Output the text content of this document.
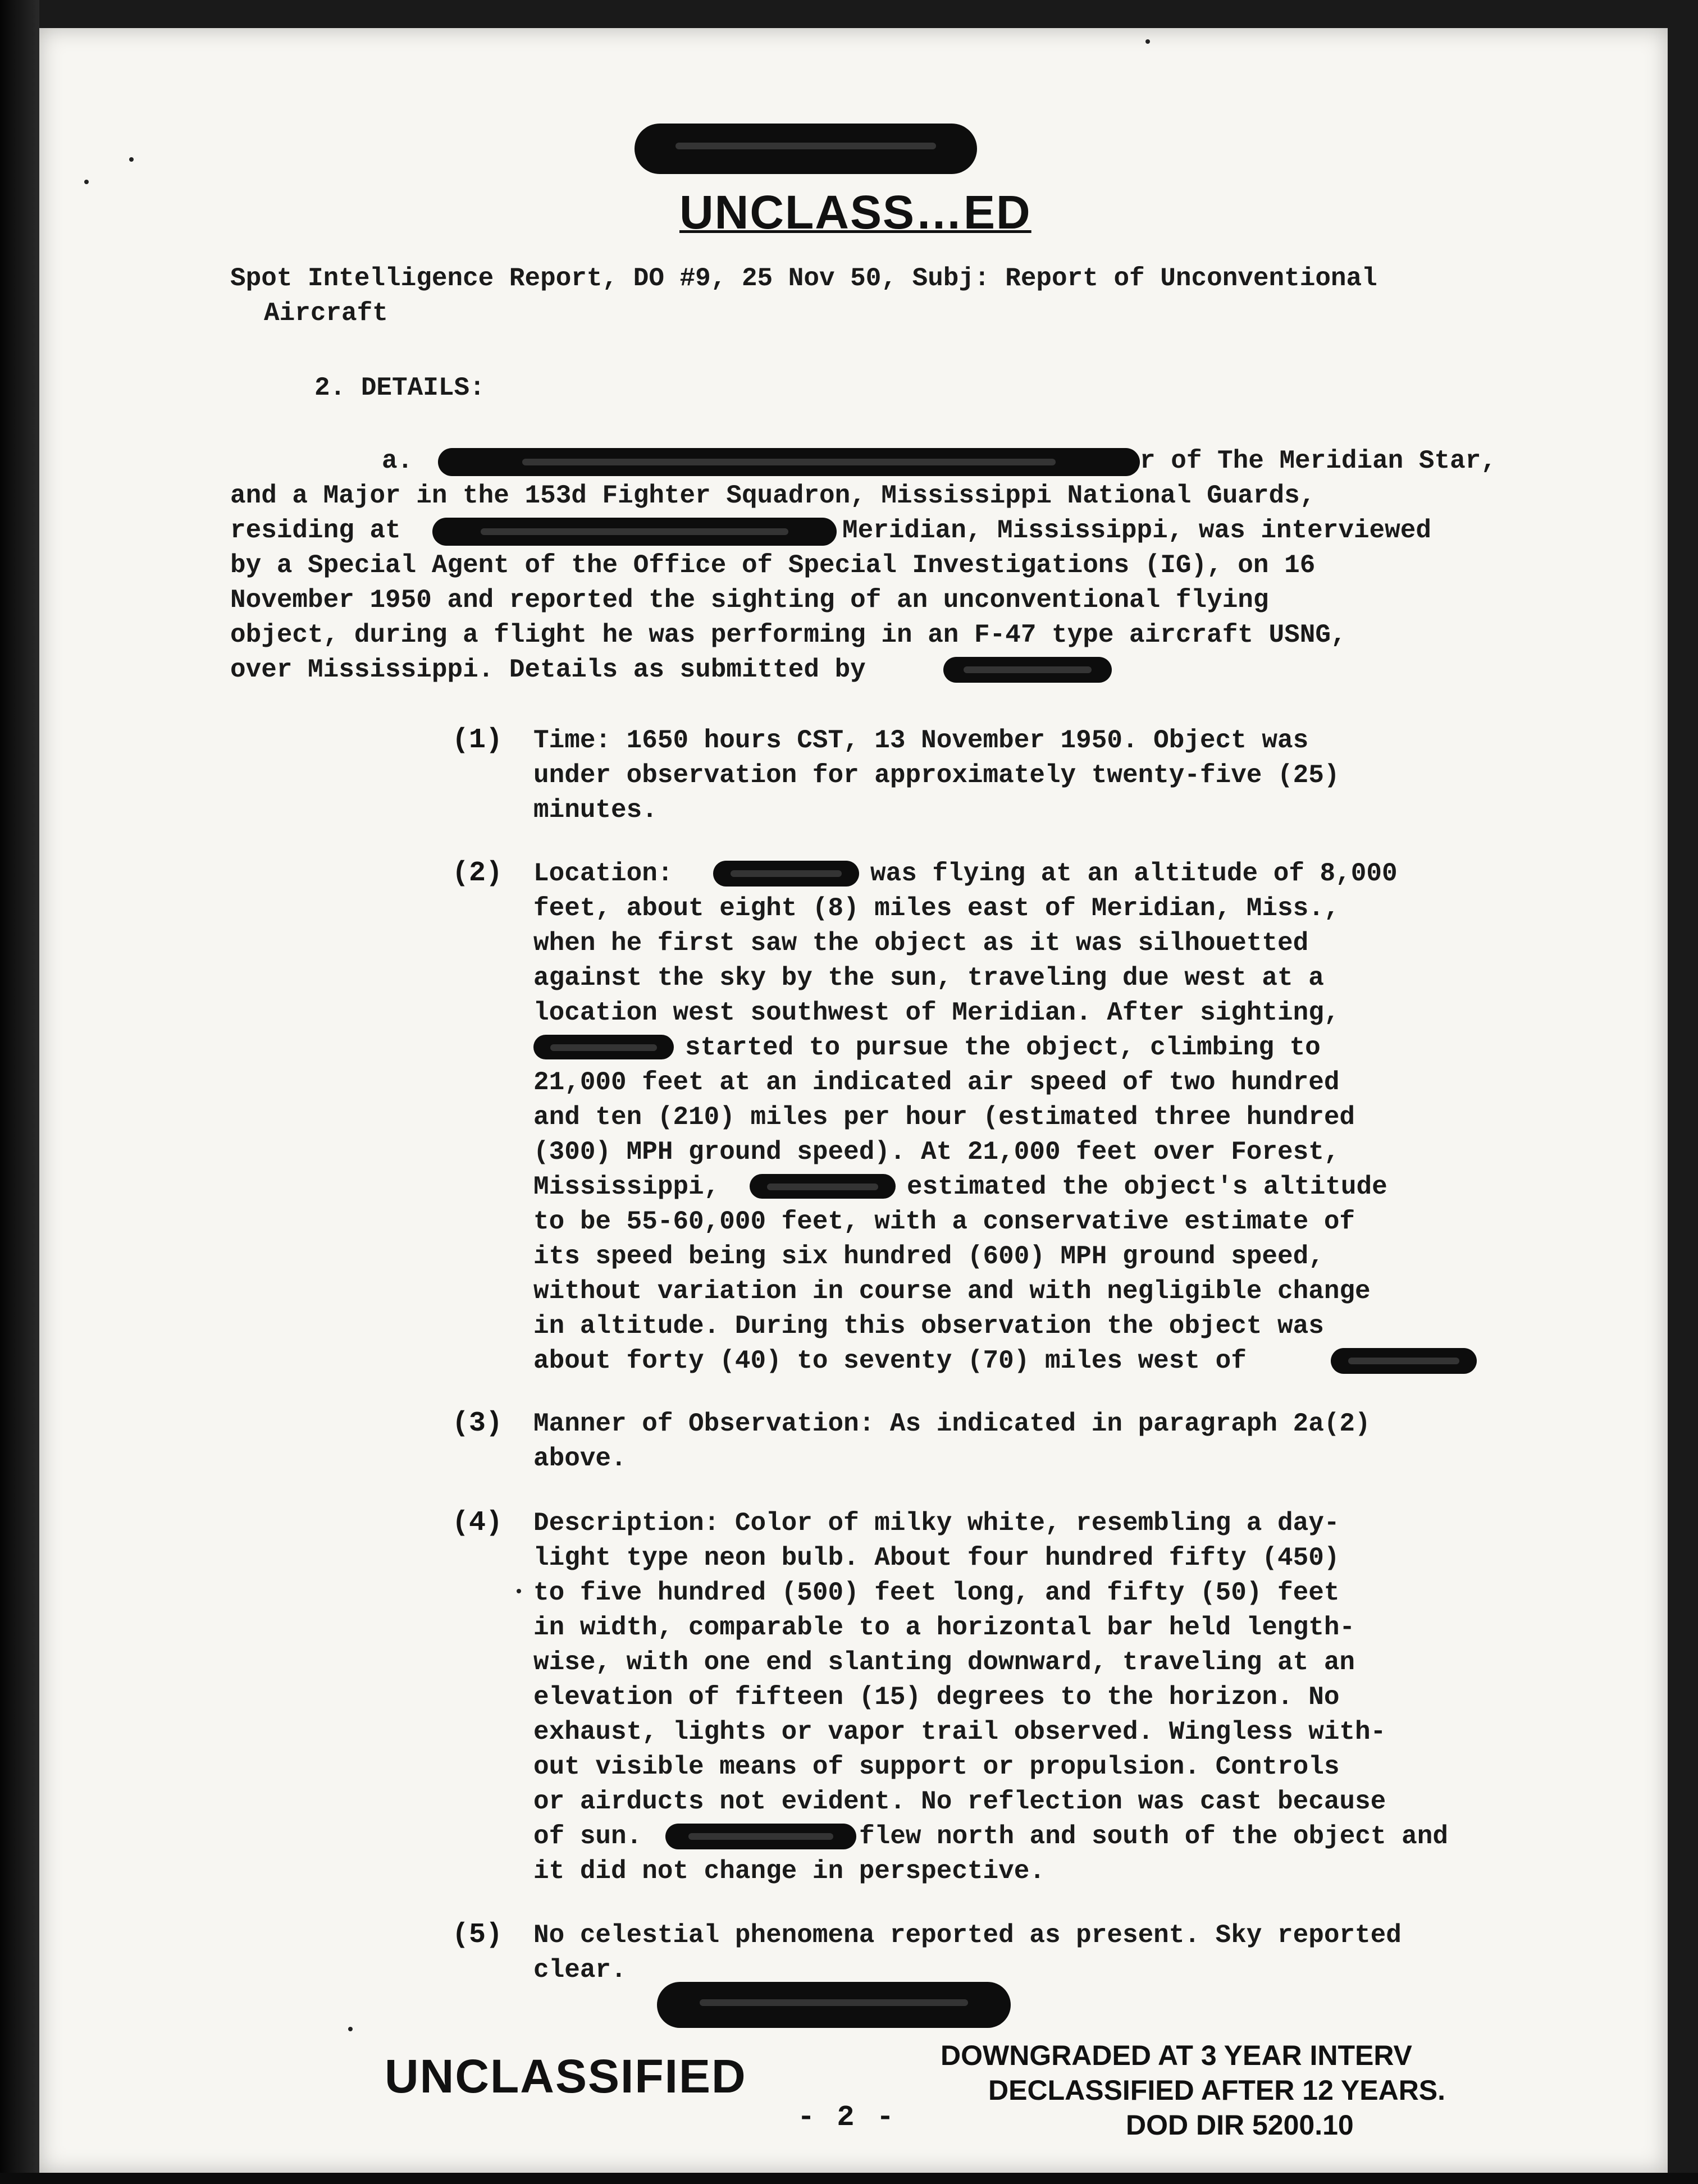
UNCLASS…ED
Spot Intelligence Report, DO #9, 25 Nov 50, Subj: Report of Unconventional
Aircraft
2. DETAILS:
a.	r of The Meridian Star,
and a Major in the 153d Fighter Squadron, Mississippi National Guards,
residing at	Meridian, Mississippi, was interviewed
by a Special Agent of the Office of Special Investigations (IG), on 16
November 1950 and reported the sighting of an unconventional flying
object, during a flight he was performing in an F-47 type aircraft USNG,
over Mississippi. Details as submitted by
(1) Time: 1650 hours CST, 13 November 1950. Object was
under observation for approximately twenty-five (25)
minutes.
(2) Location:	was flying at an altitude of 8,000
feet, about eight (8) miles east of Meridian, Miss.,
when he first saw the object as it was silhouetted
against the sky by the sun, traveling due west at a
location west southwest of Meridian. After sighting,
started to pursue the object, climbing to
21,000 feet at an indicated air speed of two hundred
and ten (210) miles per hour (estimated three hundred
(300) MPH ground speed). At 21,000 feet over Forest,
Mississippi,	estimated the object's altitude
to be 55-60,000 feet, with a conservative estimate of
its speed being six hundred (600) MPH ground speed,
without variation in course and with negligible change
in altitude. During this observation the object was
about forty (40) to seventy (70) miles west of
(3) Manner of Observation: As indicated in paragraph 2a(2)
above.
(4) Description: Color of milky white, resembling a day-
light type neon bulb. About four hundred fifty (450)
to five hundred (500) feet long, and fifty (50) feet
in width, comparable to a horizontal bar held length-
wise, with one end slanting downward, traveling at an
elevation of fifteen (15) degrees to the horizon. No
exhaust, lights or vapor trail observed. Wingless with-
out visible means of support or propulsion. Controls
or airducts not evident. No reflection was cast because
of sun.	flew north and south of the object and
it did not change in perspective.
(5) No celestial phenomena reported as present. Sky reported
clear.
UNCLASSIFIED
- 2 -
DOWNGRADED AT 3 YEAR INTERV
DECLASSIFIED AFTER 12 YEARS.
DOD DIR 5200.10
